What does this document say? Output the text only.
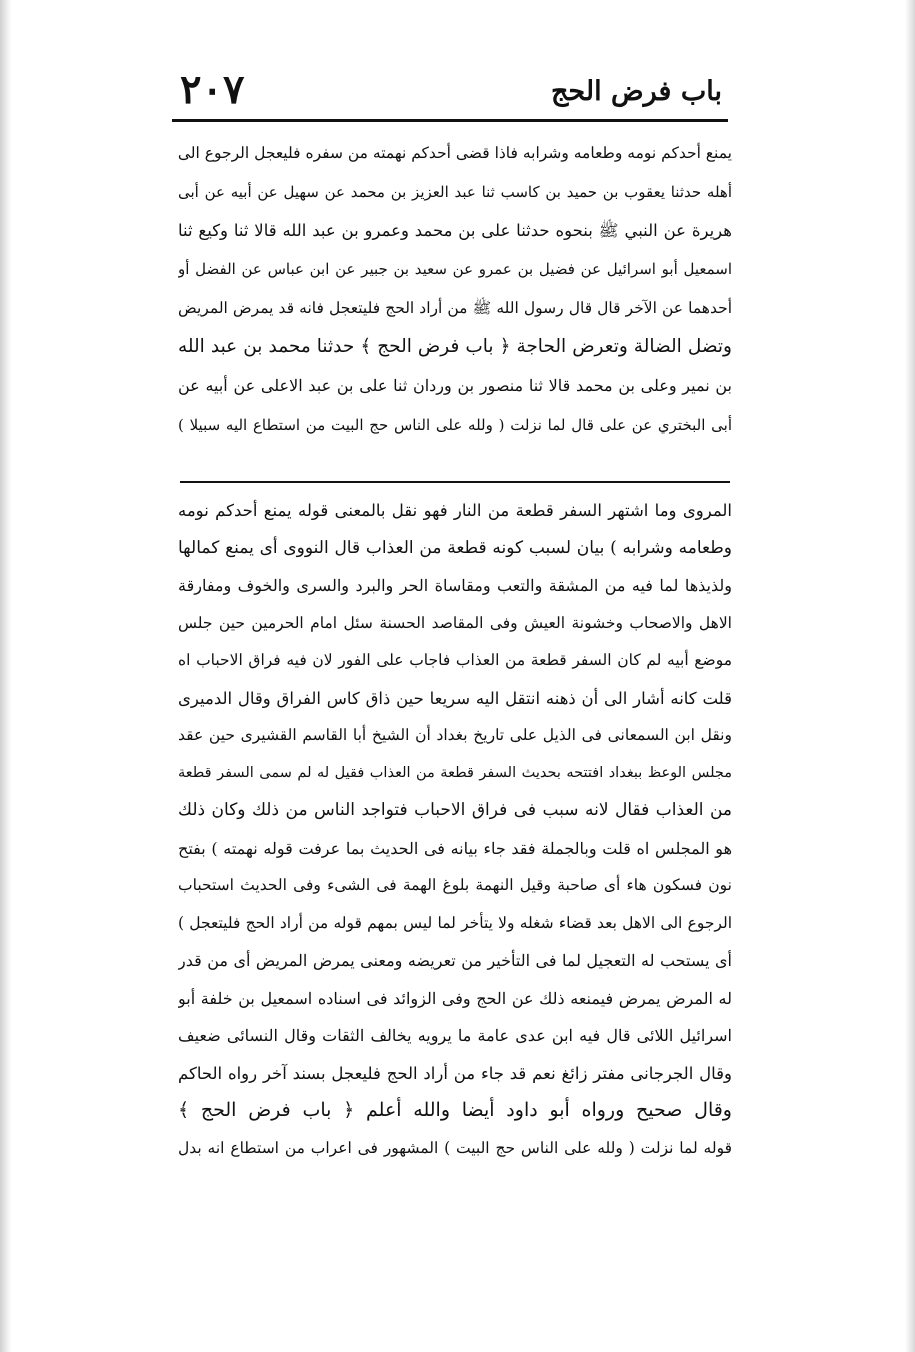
باب فرض الحج
٢٠٧
يمنع أحدكم نومه وطعامه وشرابه فاذا قضى أحدكم نهمته من سفره فليعجل الرجوع الى
أهله حدثنا يعقوب بن حميد بن كاسب ثنا عبد العزيز بن محمد عن سهيل عن أبيه عن أبى
هريرة عن النبي ﷺ بنحوه حدثنا على بن محمد وعمرو بن عبد الله قالا ثنا وكيع ثنا
اسمعيل أبو اسرائيل عن فضيل بن عمرو عن سعيد بن جبير عن ابن عباس عن الفضل أو
أحدهما عن الآخر قال قال رسول الله ﷺ من أراد الحج فليتعجل فانه قد يمرض المريض
وتضل الضالة وتعرض الحاجة ﴿ باب فرض الحج ﴾ حدثنا محمد بن عبد الله
بن نمير وعلى بن محمد قالا ثنا منصور بن وردان ثنا على بن عبد الاعلى عن أبيه عن
أبى البختري عن على قال لما نزلت ( ولله على الناس حج البيت من استطاع اليه سبيلا )
المروى وما اشتهر السفر قطعة من النار فهو نقل بالمعنى قوله يمنع أحدكم نومه
وطعامه وشرابه ) بيان لسبب كونه قطعة من العذاب قال النووى أى يمنع كمالها
ولذيذها لما فيه من المشقة والتعب ومقاساة الحر والبرد والسرى والخوف ومفارقة
الاهل والاصحاب وخشونة العيش وفى المقاصد الحسنة سئل امام الحرمين حين جلس
موضع أبيه لم كان السفر قطعة من العذاب فاجاب على الفور لان فيه فراق الاحباب اه
قلت كانه أشار الى أن ذهنه انتقل اليه سريعا حين ذاق كاس الفراق وقال الدميرى
ونقل ابن السمعانى فى الذيل على تاريخ بغداد أن الشيخ أبا القاسم القشيرى حين عقد
مجلس الوعظ ببغداد افتتحه بحديث السفر قطعة من العذاب فقيل له لم سمى السفر قطعة
من العذاب فقال لانه سبب فى فراق الاحباب فتواجد الناس من ذلك وكان ذلك
هو المجلس اه قلت وبالجملة فقد جاء بيانه فى الحديث بما عرفت قوله نهمته ) بفتح
نون فسكون هاء أى صاحبة وقيل النهمة بلوغ الهمة فى الشىء وفى الحديث استحباب
الرجوع الى الاهل بعد قضاء شغله ولا يتأخر لما ليس بمهم قوله من أراد الحج فليتعجل )
أى يستحب له التعجيل لما فى التأخير من تعريضه ومعنى يمرض المريض أى من قدر
له المرض يمرض فيمنعه ذلك عن الحج وفى الزوائد فى اسناده اسمعيل بن خلفة أبو
اسرائيل اللائى قال فيه ابن عدى عامة ما يرويه يخالف الثقات وقال النسائى ضعيف
وقال الجرجانى مفتر زائغ نعم قد جاء من أراد الحج فليعجل بسند آخر رواه الحاكم
وقال صحيح ورواه أبو داود أيضا والله أعلم ﴿ باب فرض الحج ﴾
قوله لما نزلت ( ولله على الناس حج البيت ) المشهور فى اعراب من استطاع انه بدل
